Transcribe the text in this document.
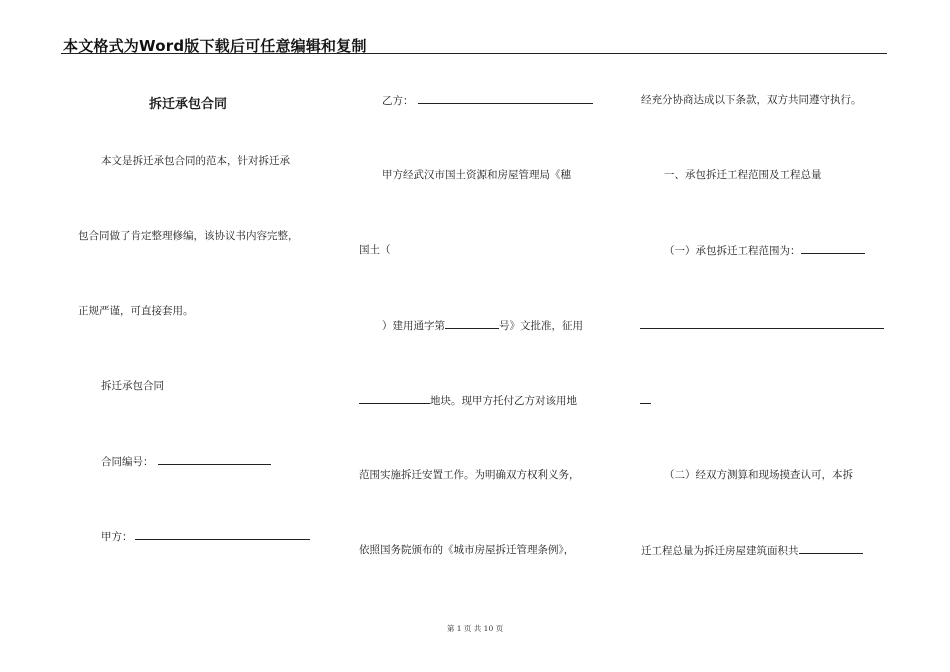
本文格式为Word版下载后可任意编辑和复制
拆迁承包合同
本文是拆迁承包合同的范本，针对拆迁承
包合同做了肯定整理修编，该协议书内容完整，
正规严谨，可直接套用。
拆迁承包合同
合同编号：
甲方：
乙方：
甲方经武汉市国土资源和房屋管理局《穗
国土（
）建用通字第	号》文批准，征用
地块。现甲方托付乙方对该用地
范围实施拆迁安置工作。为明确双方权利义务，
依照国务院颁布的《城市房屋拆迁管理条例》，
经充分协商达成以下条款，双方共同遵守执行。
一、承包拆迁工程范围及工程总量
（一）承包拆迁工程范围为：
（二）经双方测算和现场摸查认可，本拆
迁工程总量为拆迁房屋建筑面积共
第 1 页 共 10 页
